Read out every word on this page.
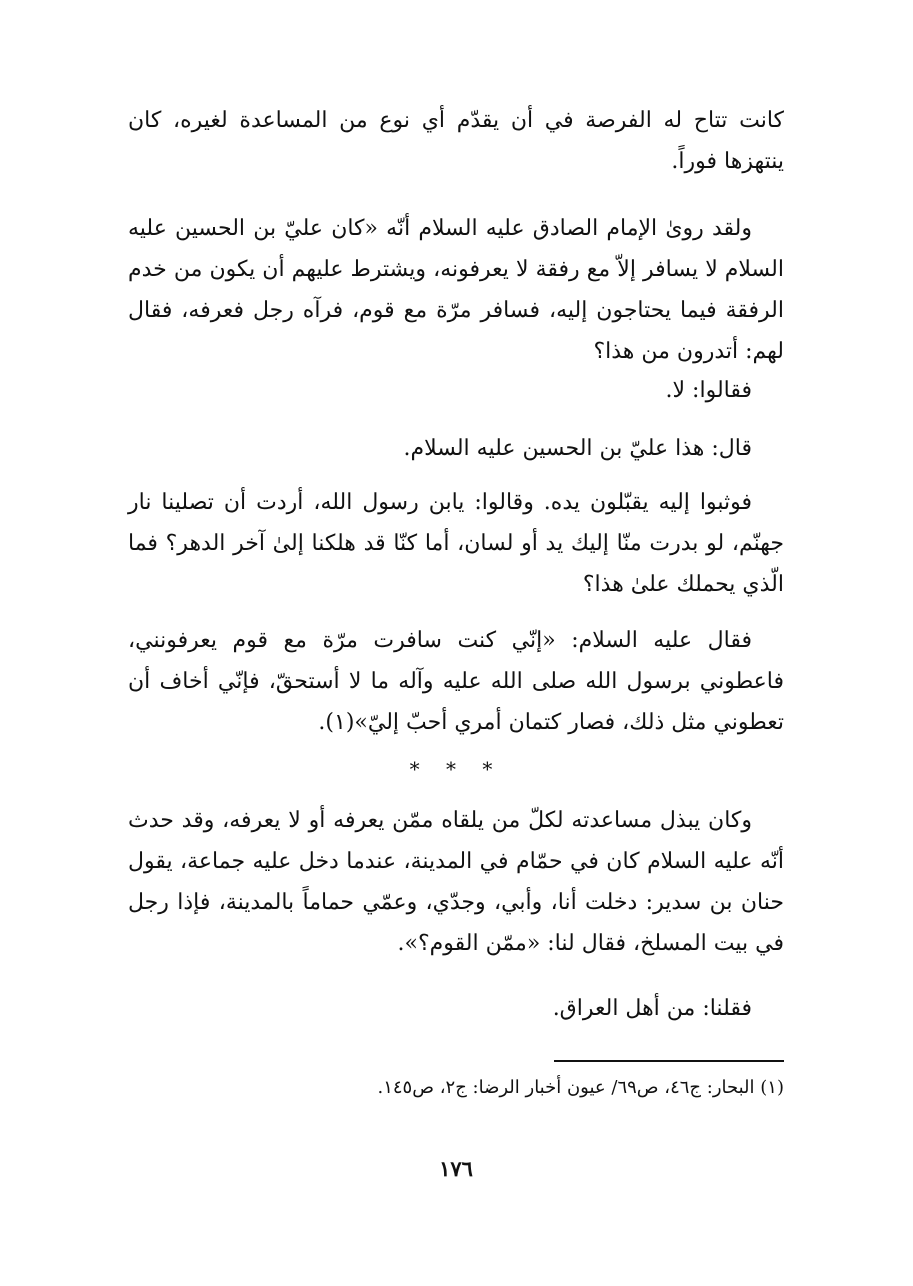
كانت تتاح له الفرصة في أن يقدّم أي نوع من المساعدة لغيره، كان ينتهزها فوراً.

ولقد روىٰ الإمام الصادق عليه السلام أنّه «كان عليّ بن الحسين عليه السلام لا يسافر إلاّ مع رفقة لا يعرفونه، ويشترط عليهم أن يكون من خدم الرفقة فيما يحتاجون إليه، فسافر مرّة مع قوم، فرآه رجل فعرفه، فقال لهم: أتدرون من هذا؟

فقالوا: لا.

قال: هذا عليّ بن الحسين عليه السلام.

فوثبوا إليه يقبّلون يده. وقالوا: يابن رسول الله، أردت أن تصلينا نار جهنّم، لو بدرت منّا إليك يد أو لسان، أما كنّا قد هلكنا إلىٰ آخر الدهر؟ فما الّذي يحملك علىٰ هذا؟

فقال عليه السلام: «إنّي كنت سافرت مرّة مع قوم يعرفونني، فاعطوني برسول الله صلى الله عليه وآله ما لا أستحقّ، فإنّي أخاف أن تعطوني مثل ذلك، فصار كتمان أمري أحبّ إليّ»(١).

* * *

وكان يبذل مساعدته لكلّ من يلقاه ممّن يعرفه أو لا يعرفه، وقد حدث أنّه عليه السلام كان في حمّام في المدينة، عندما دخل عليه جماعة، يقول حنان بن سدير: دخلت أنا، وأبي، وجدّي، وعمّي حماماً بالمدينة، فإذا رجل في بيت المسلخ، فقال لنا: «ممّن القوم؟».

فقلنا: من أهل العراق.

(١) البحار: ج٤٦، ص٦٩/ عيون أخبار الرضا: ج٢، ص١٤٥.
١٧٦
